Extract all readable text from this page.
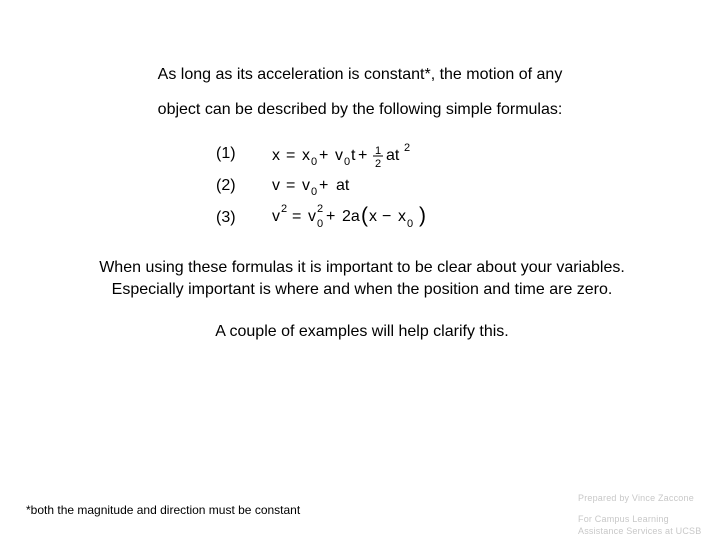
As long as its acceleration is constant*, the motion of any
object can be described by the following simple formulas:
(1) x = x 0 + v 0 t + 1
2 at 2
(2) v = v 0 + at
(3) v 2 = v 2
0 + 2a ( x − x 0 )
When using these formulas it is important to be clear about your variables.
Especially important is where and when the position and time are zero.
A couple of examples will help clarify this.
*both the magnitude and direction must be constant
Prepared by Vince Zaccone
For Campus Learning
Assistance Services at UCSB
